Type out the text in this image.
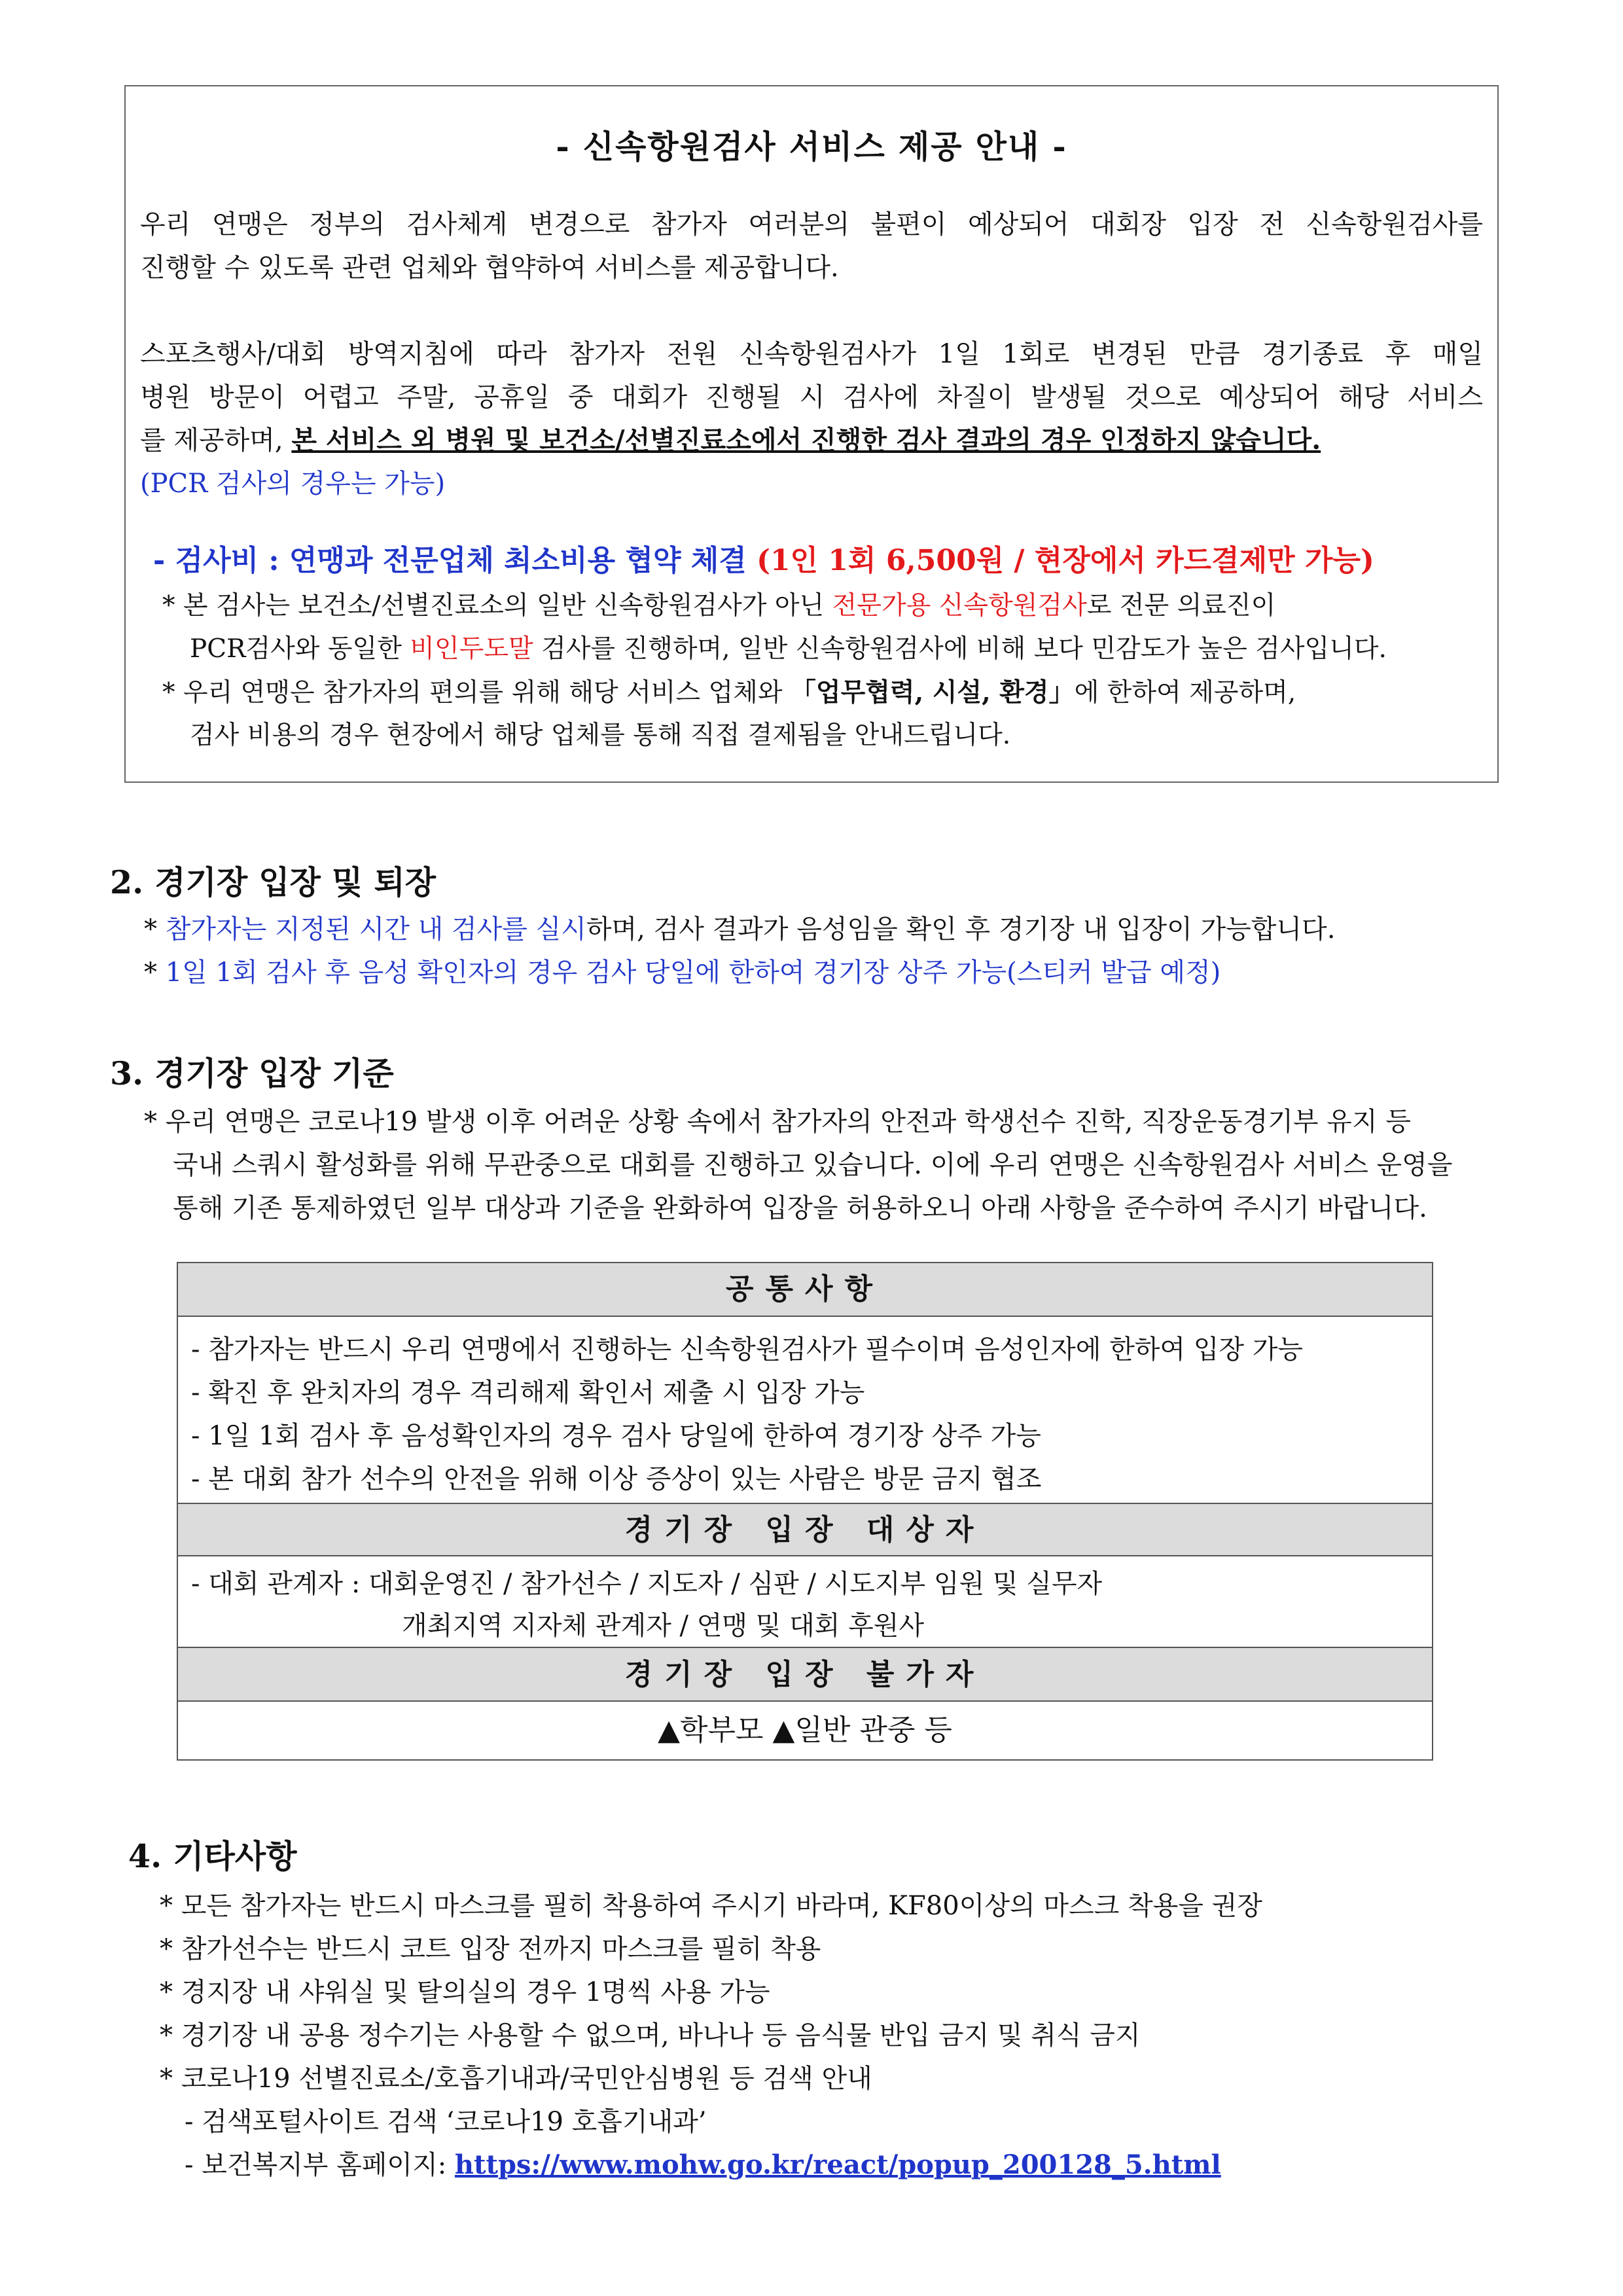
- 신속항원검사 서비스 제공 안내 -
우리 연맹은 정부의 검사체계 변경으로 참가자 여러분의 불편이 예상되어 대회장 입장 전 신속항원검사를
진행할 수 있도록 관련 업체와 협약하여 서비스를 제공합니다.
스포츠행사/대회 방역지침에 따라 참가자 전원 신속항원검사가 1일 1회로 변경된 만큼 경기종료 후 매일
병원 방문이 어렵고 주말, 공휴일 중 대회가 진행될 시 검사에 차질이 발생될 것으로 예상되어 해당 서비스
를 제공하며, 본 서비스 외 병원 및 보건소/선별진료소에서 진행한 검사 결과의 경우 인정하지 않습니다.
(PCR 검사의 경우는 가능)
- 검사비 : 연맹과 전문업체 최소비용 협약 체결 (1인 1회 6,500원 / 현장에서 카드결제만 가능)
* 본 검사는 보건소/선별진료소의 일반 신속항원검사가 아닌 전문가용 신속항원검사로 전문 의료진이
PCR검사와 동일한 비인두도말 검사를 진행하며, 일반 신속항원검사에 비해 보다 민감도가 높은 검사입니다.
* 우리 연맹은 참가자의 편의를 위해 해당 서비스 업체와 「업무협력, 시설, 환경」에 한하여 제공하며,
검사 비용의 경우 현장에서 해당 업체를 통해 직접 결제됨을 안내드립니다.
2. 경기장 입장 및 퇴장
* 참가자는 지정된 시간 내 검사를 실시하며, 검사 결과가 음성임을 확인 후 경기장 내 입장이 가능합니다.
* 1일 1회 검사 후 음성 확인자의 경우 검사 당일에 한하여 경기장 상주 가능(스티커 발급 예정)
3. 경기장 입장 기준
* 우리 연맹은 코로나19 발생 이후 어려운 상황 속에서 참가자의 안전과 학생선수 진학, 직장운동경기부 유지 등
국내 스쿼시 활성화를 위해 무관중으로 대회를 진행하고 있습니다. 이에 우리 연맹은 신속항원검사 서비스 운영을
통해 기존 통제하였던 일부 대상과 기준을 완화하여 입장을 허용하오니 아래 사항을 준수하여 주시기 바랍니다.
공통사항
- 참가자는 반드시 우리 연맹에서 진행하는 신속항원검사가 필수이며 음성인자에 한하여 입장 가능
- 확진 후 완치자의 경우 격리해제 확인서 제출 시 입장 가능
- 1일 1회 검사 후 음성확인자의 경우 검사 당일에 한하여 경기장 상주 가능
- 본 대회 참가 선수의 안전을 위해 이상 증상이 있는 사람은 방문 금지 협조
경기장 입장 대상자
- 대회 관계자 : 대회운영진 / 참가선수 / 지도자 / 심판 / 시도지부 임원 및 실무자
개최지역 지자체 관계자 / 연맹 및 대회 후원사
경기장 입장 불가자
▲학부모 ▲일반 관중 등
4. 기타사항
* 모든 참가자는 반드시 마스크를 필히 착용하여 주시기 바라며, KF80이상의 마스크 착용을 권장
* 참가선수는 반드시 코트 입장 전까지 마스크를 필히 착용
* 경지장 내 샤워실 및 탈의실의 경우 1명씩 사용 가능
* 경기장 내 공용 정수기는 사용할 수 없으며, 바나나 등 음식물 반입 금지 및 취식 금지
* 코로나19 선별진료소/호흡기내과/국민안심병원 등 검색 안내
- 검색포털사이트 검색 ‘코로나19 호흡기내과’
- 보건복지부 홈페이지: https://www.mohw.go.kr/react/popup_200128_5.html
